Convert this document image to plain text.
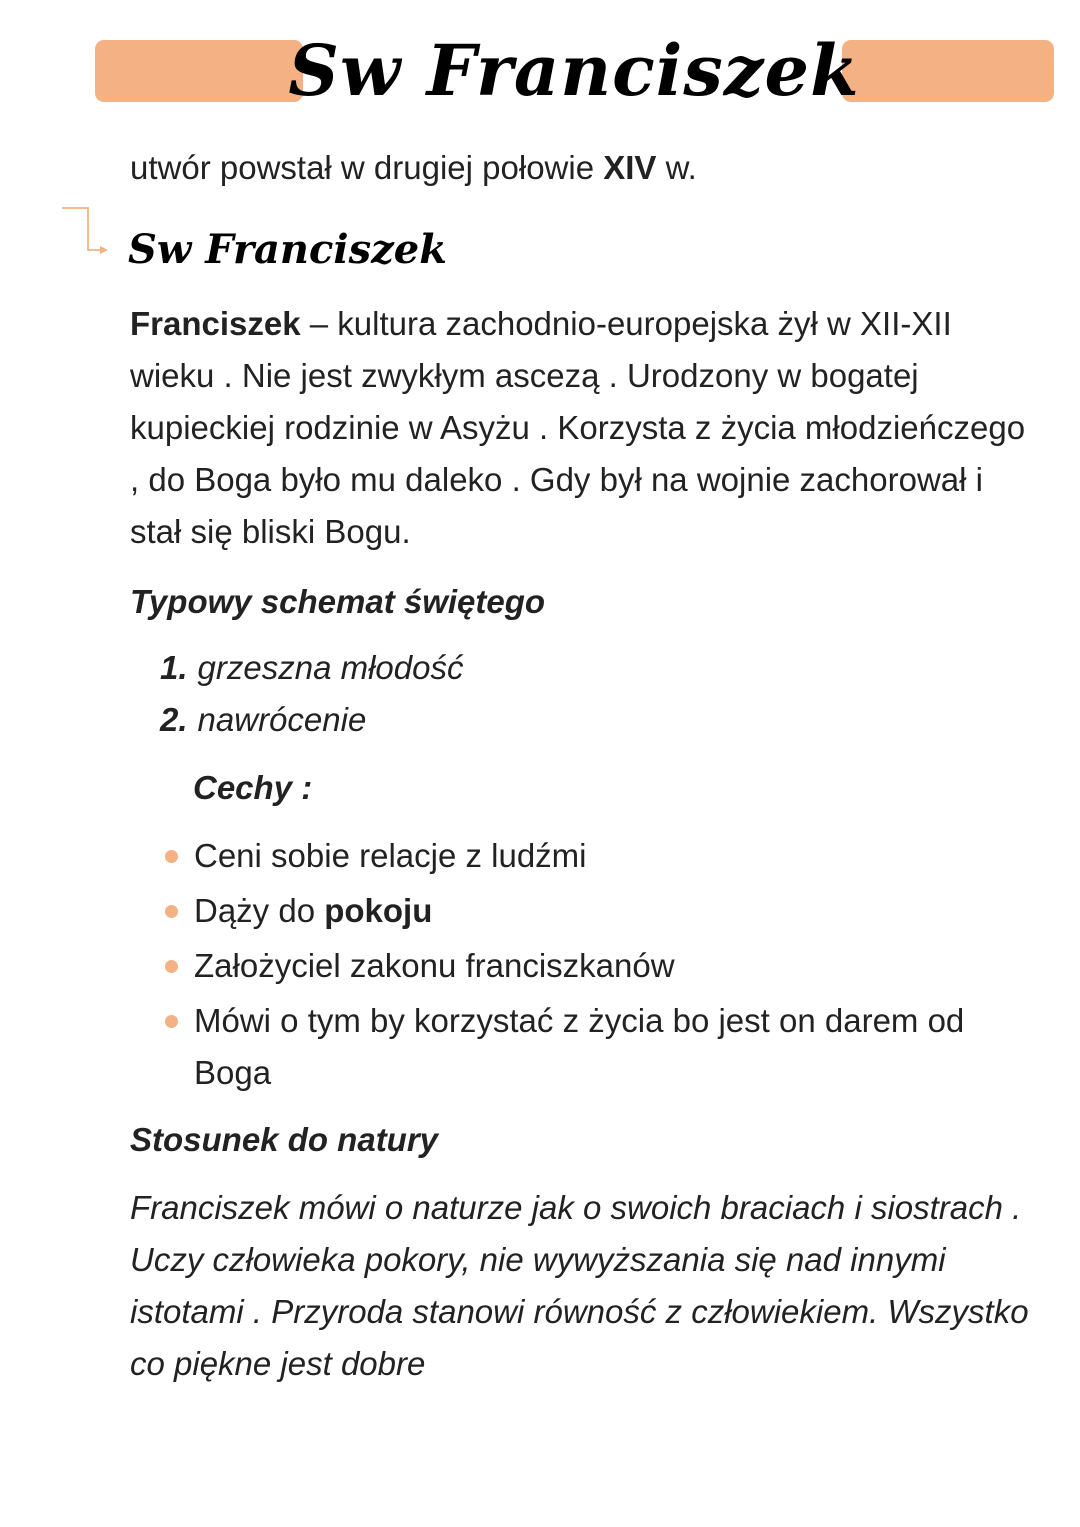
Sw Franciszek

utwór powstał w drugiej połowie XIV w.

Sw Franciszek

Franciszek – kultura zachodnio-europejska żył w XII-XII wieku . Nie jest zwykłym ascezą . Urodzony w bogatej kupieckiej rodzinie w Asyżu . Korzysta z życia młodzieńczego , do Boga było mu daleko . Gdy był na wojnie zachorował i stał się bliski Bogu.

Typowy schemat świętego
1. grzeszna młodość
2. nawrócenie
Cechy :
Ceni sobie relacje z ludźmi
Dąży do pokoju
Założyciel zakonu franciszkanów
Mówi o tym by korzystać z życia bo jest on darem od Boga
Stosunek do natury

Franciszek mówi o naturze jak o swoich braciach i siostrach . Uczy człowieka pokory, nie wywyższania się nad innymi istotami . Przyroda stanowi równość z człowiekiem. Wszystko co piękne jest dobre
